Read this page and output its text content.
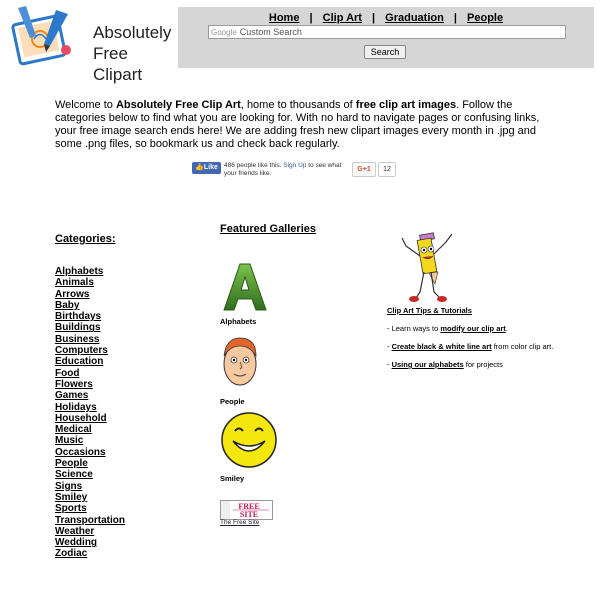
Absolutely
Free Clipart
Home | Clip Art | Graduation | People
Google Custom Search
Search
Welcome to Absolutely Free Clip Art, home to thousands of free clip art images. Follow the categories below to find what you are looking for. With no hard to navigate pages or confusing links, your free image search ends here! We are adding fresh new clipart images every month in .jpg and some .png files, so bookmark us and check back regularly.
👍Like 486 people like this. Sign Up to see what your friends like.
G+1	12
Categories:
Alphabets
Animals
Arrows
Baby
Birthdays
Buildings
Business
Computers
Education
Food
Flowers
Games
Holidays
Household
Medical
Music
Occasions
People
Science
Signs
Smiley
Sports
Transportation
Weather
Wedding
Zodiac
Featured Galleries
Alphabets
People
Smiley
FREE
SITE
The Free Site

Clip Art Tips & Tutorials

- Learn ways to modify our clip art.

- Create black & white line art from color clip art.

- Using our alphabets for projects
